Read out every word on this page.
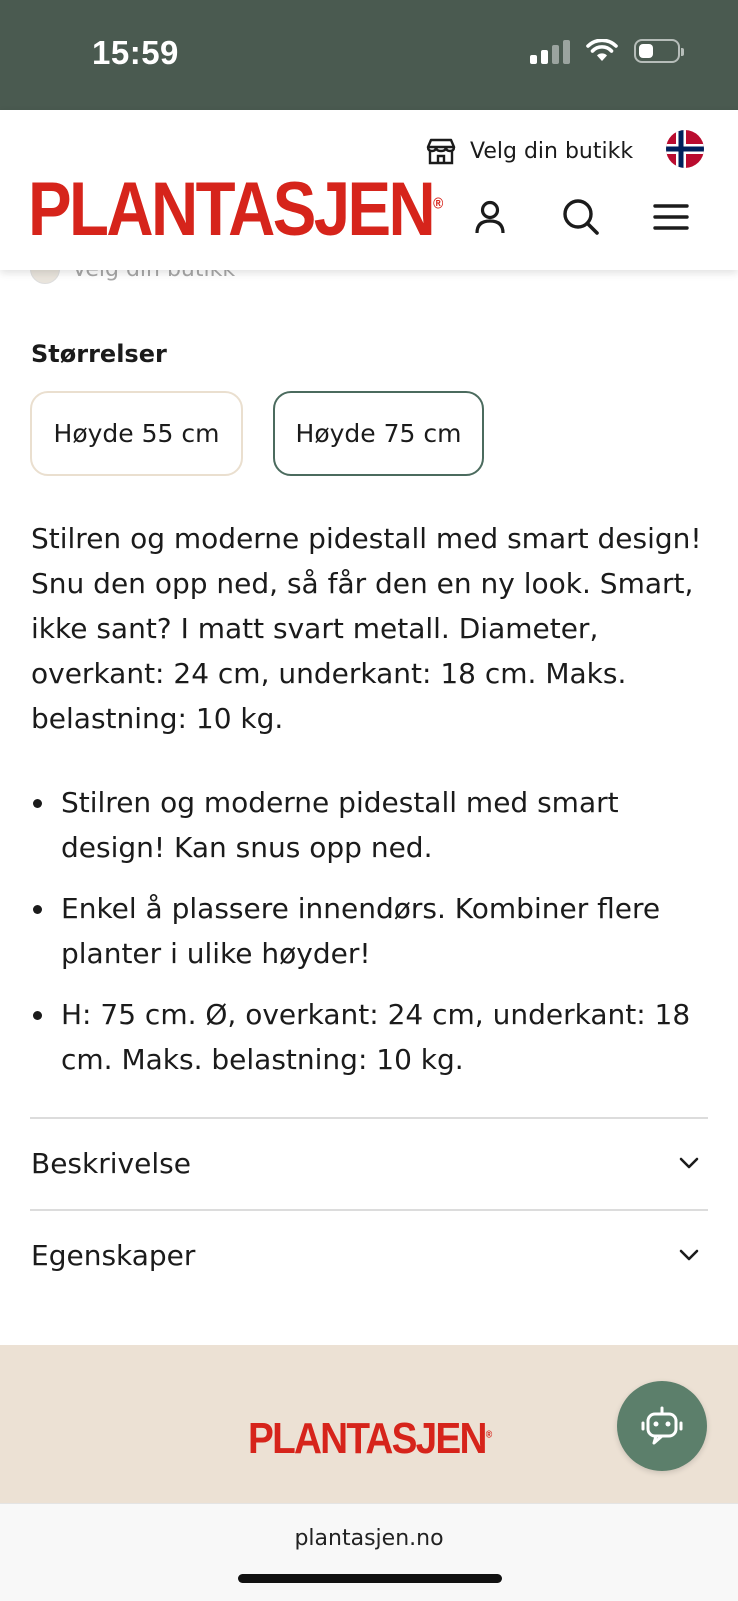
15:59
Velg din butikk
PLANTASJEN®
Størrelser
Høyde 55 cm	Høyde 75 cm
Stilren og moderne pidestall med smart design! Snu den opp ned, så får den en ny look. Smart, ikke sant? I matt svart metall. Diameter, overkant: 24 cm, underkant: 18 cm. Maks. belastning: 10 kg.
Stilren og moderne pidestall med smart design! Kan snus opp ned.
Enkel å plassere innendørs. Kombiner flere planter i ulike høyder!
H: 75 cm. Ø, overkant: 24 cm, underkant: 18 cm. Maks. belastning: 10 kg.
Beskrivelse
Egenskaper
PLANTASJEN®
plantasjen.no
